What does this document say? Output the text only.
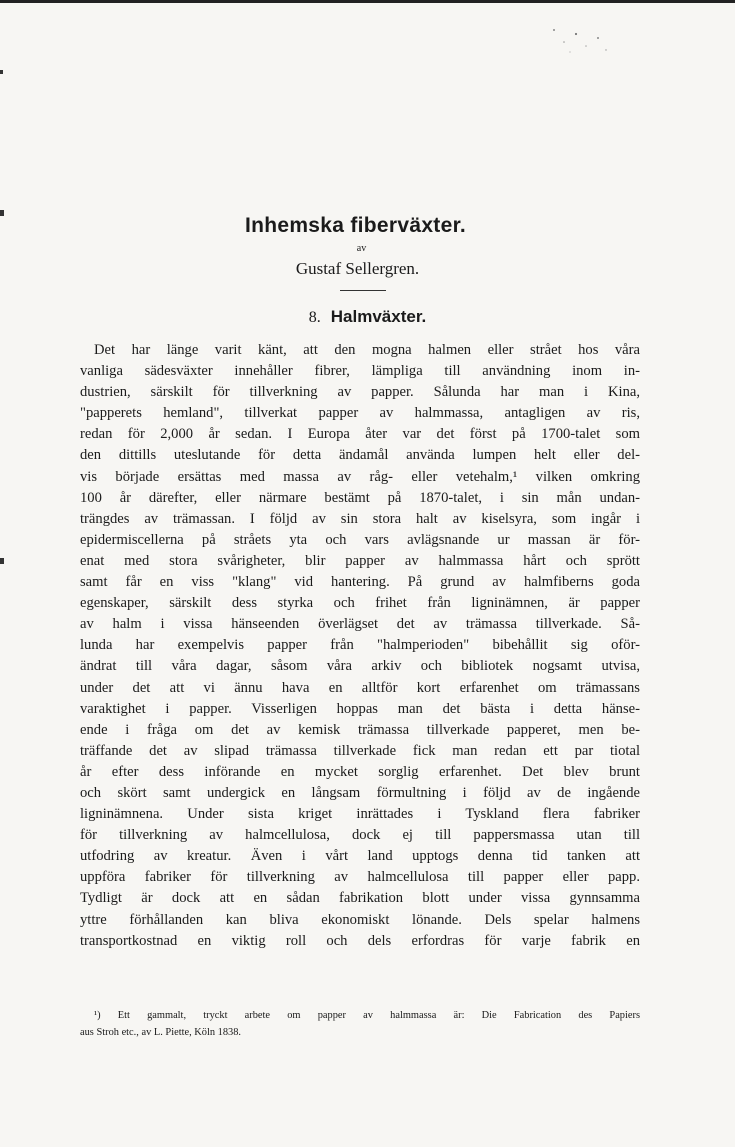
Inhemska fiberväxter.
av
Gustaf Sellergren.
8. Halmväxter.
Det har länge varit känt, att den mogna halmen eller strået hos våra
vanliga sädesväxter innehåller fibrer, lämpliga till användning inom in-
dustrien, särskilt för tillverkning av papper. Sålunda har man i Kina,
"papperets hemland", tillverkat papper av halmmassa, antagligen av ris,
redan för 2,000 år sedan. I Europa åter var det först på 1700-talet som
den dittills uteslutande för detta ändamål använda lumpen helt eller del-
vis började ersättas med massa av råg- eller vetehalm,¹ vilken omkring
100 år därefter, eller närmare bestämt på 1870-talet, i sin mån undan-
trängdes av trämassan. I följd av sin stora halt av kiselsyra, som ingår i
epidermiscellerna på stråets yta och vars avlägsnande ur massan är för-
enat med stora svårigheter, blir papper av halmmassa hårt och sprött
samt får en viss "klang" vid hantering. På grund av halmfiberns goda
egenskaper, särskilt dess styrka och frihet från ligninämnen, är papper
av halm i vissa hänseenden överlägset det av trämassa tillverkade. Så-
lunda har exempelvis papper från "halmperioden" bibehållit sig oför-
ändrat till våra dagar, såsom våra arkiv och bibliotek nogsamt utvisa,
under det att vi ännu hava en alltför kort erfarenhet om trämassans
varaktighet i papper. Visserligen hoppas man det bästa i detta hänse-
ende i fråga om det av kemisk trämassa tillverkade papperet, men be-
träffande det av slipad trämassa tillverkade fick man redan ett par tiotal
år efter dess införande en mycket sorglig erfarenhet. Det blev brunt
och skört samt undergick en långsam förmultning i följd av de ingående
ligninämnena. Under sista kriget inrättades i Tyskland flera fabriker
för tillverkning av halmcellulosa, dock ej till pappersmassa utan till
utfodring av kreatur. Även i vårt land upptogs denna tid tanken att
uppföra fabriker för tillverkning av halmcellulosa till papper eller papp.
Tydligt är dock att en sådan fabrikation blott under vissa gynnsamma
yttre förhållanden kan bliva ekonomiskt lönande. Dels spelar halmens
transportkostnad en viktig roll och dels erfordras för varje fabrik en
¹) Ett gammalt, tryckt arbete om papper av halmmassa är: Die Fabrication des Papiers
aus Stroh etc., av L. Piette, Köln 1838.
